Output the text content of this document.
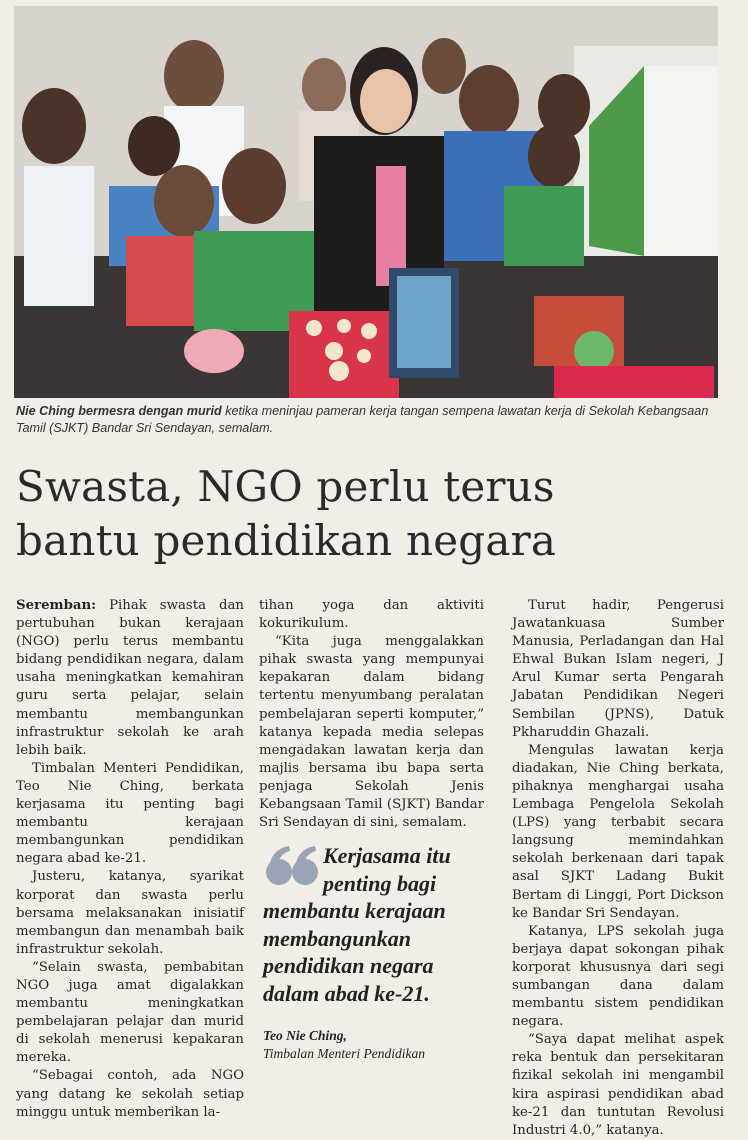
Nie Ching bermesra dengan murid ketika meninjau pameran kerja tangan sempena lawatan kerja di Sekolah Kebangsaan Tamil (SJKT) Bandar Sri Sendayan, semalam.
Swasta, NGO perlu terus
bantu pendidikan negara

Seremban: Pihak swasta dan pertubuhan bukan kerajaan (NGO) perlu terus membantu bidang pendidikan negara, dalam usaha meningkatkan kemahiran guru serta pelajar, selain membantu membangunkan infrastruktur sekolah ke arah lebih baik.

Timbalan Menteri Pendidikan, Teo Nie Ching, berkata kerjasama itu penting bagi membantu kerajaan membangunkan pendidikan negara abad ke-21.

Justeru, katanya, syarikat korporat dan swasta perlu bersama melaksanakan inisiatif membangun dan menambah baik infrastruktur sekolah.

“Selain swasta, pembabitan NGO juga amat digalakkan membantu meningkatkan pembelajaran pelajar dan murid di sekolah menerusi kepakaran mereka.

“Sebagai contoh, ada NGO yang datang ke sekolah setiap minggu untuk memberikan la-

tihan yoga dan aktiviti kokurikulum.

“Kita juga menggalakkan pihak swasta yang mempunyai kepakaran dalam bidang tertentu menyumbang peralatan pembelajaran seperti komputer,” katanya kepada media selepas mengadakan lawatan kerja dan majlis bersama ibu bapa serta penjaga Sekolah Jenis Kebangsaan Tamil (SJKT) Bandar Sri Sendayan di sini, semalam.

Kerjasama itu
penting bagi
membantu kerajaan membangunkan pendidikan negara dalam abad ke-21.
Teo Nie Ching,
Timbalan Menteri Pendidikan

Turut hadir, Pengerusi Jawatankuasa Sumber Manusia, Perladangan dan Hal Ehwal Bukan Islam negeri, J Arul Kumar serta Pengarah Jabatan Pendidikan Negeri Sembilan (JPNS), Datuk Pkharuddin Ghazali.

Mengulas lawatan kerja diadakan, Nie Ching berkata, pihaknya menghargai usaha Lembaga Pengelola Sekolah (LPS) yang terbabit secara langsung memindahkan sekolah berkenaan dari tapak asal SJKT Ladang Bukit Bertam di Linggi, Port Dickson ke Bandar Sri Sendayan.

Katanya, LPS sekolah juga berjaya dapat sokongan pihak korporat khususnya dari segi sumbangan dana dalam membantu sistem pendidikan negara.

“Saya dapat melihat aspek reka bentuk dan persekitaran fizikal sekolah ini mengambil kira aspirasi pendidikan abad ke-21 dan tuntutan Revolusi Industri 4.0,” katanya.
